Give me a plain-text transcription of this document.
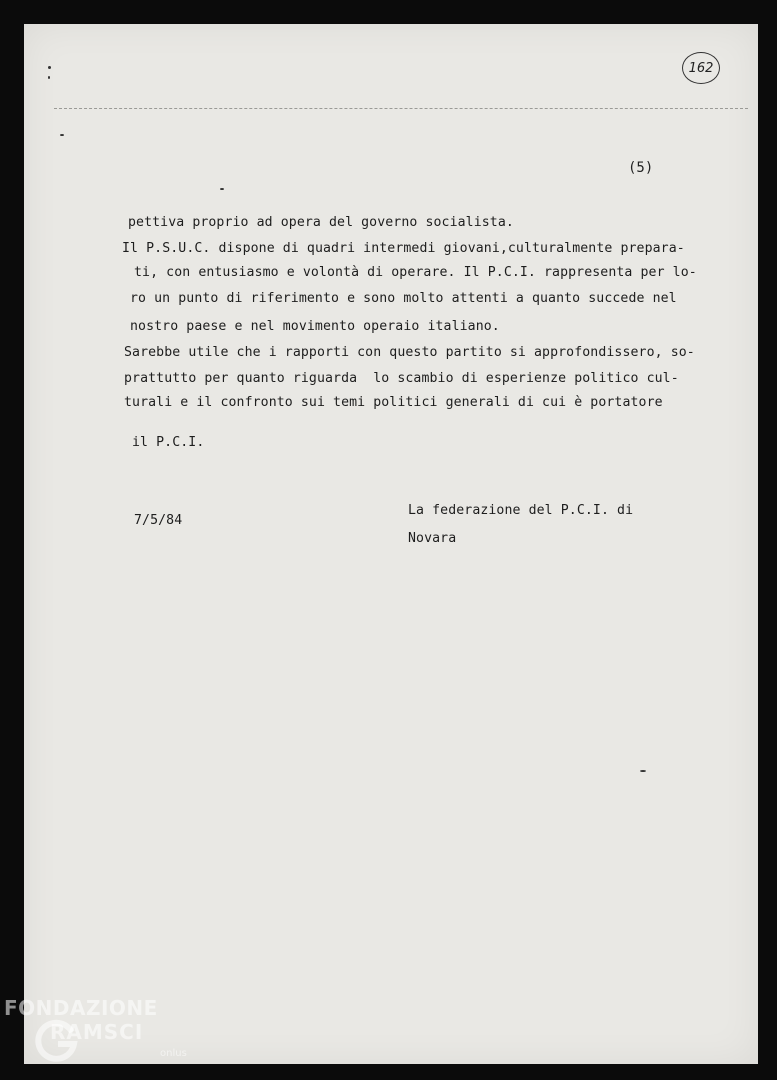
162
(5)
pettiva proprio ad opera del governo socialista.
Il P.S.U.C. dispone di quadri intermedi giovani,culturalmente prepara-
ti, con entusiasmo e volontà di operare. Il P.C.I. rappresenta per lo-
ro un punto di riferimento e sono molto attenti a quanto succede nel
nostro paese e nel movimento operaio italiano.
Sarebbe utile che i rapporti con questo partito si approfondissero, so-
prattutto per quanto riguarda  lo scambio di esperienze politico cul-
turali e il confronto sui temi politici generali di cui è portatore
il P.C.I.
7/5/84
La federazione del P.C.I. di
Novara
FONDAZIONE
RAMSCI
onlus
